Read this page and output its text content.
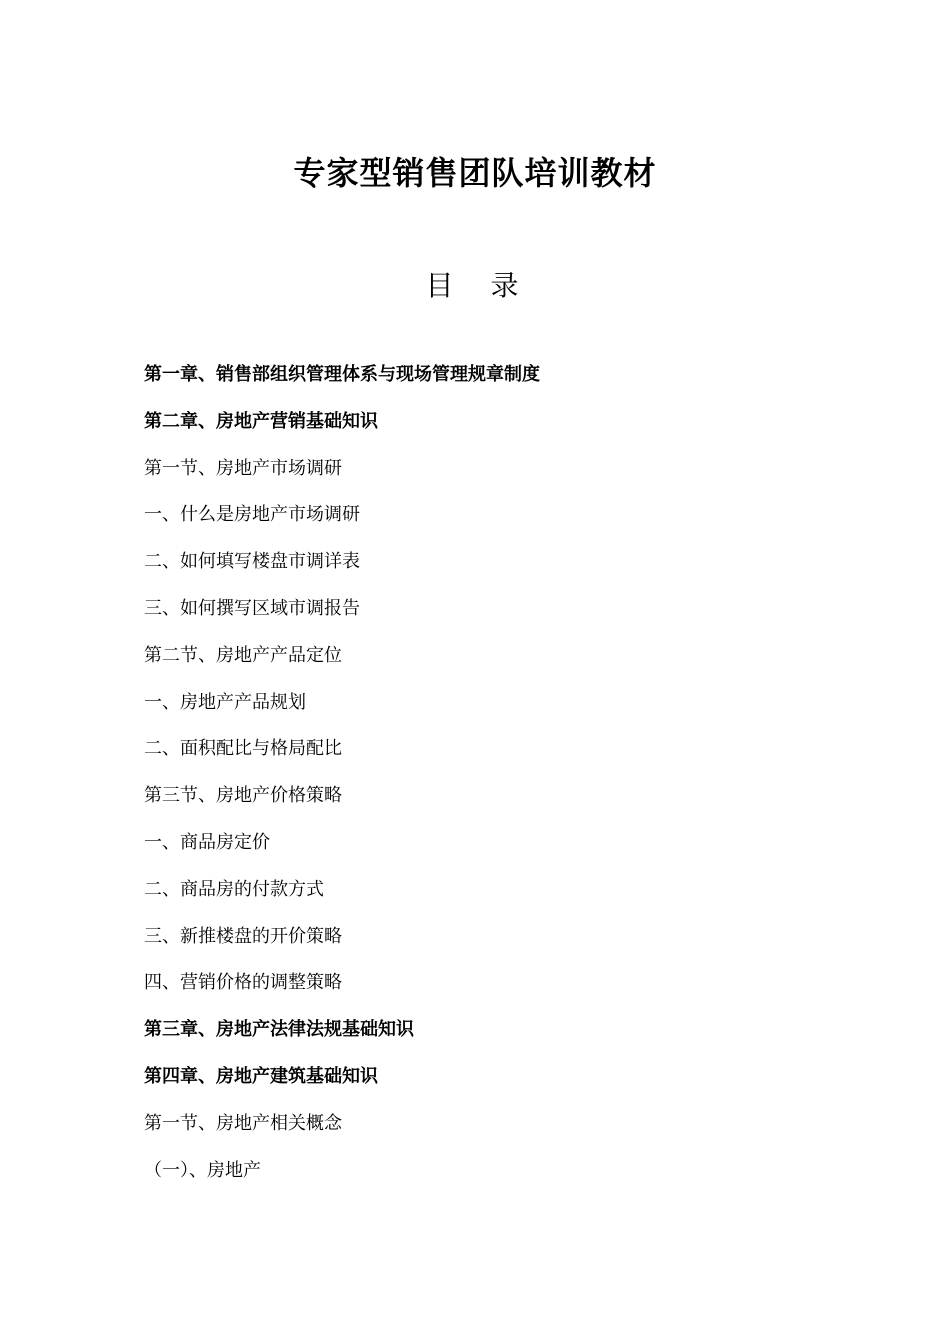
专家型销售团队培训教材
目 录
第一章、销售部组织管理体系与现场管理规章制度
第二章、房地产营销基础知识
第一节、房地产市场调研
一、什么是房地产市场调研
二、如何填写楼盘市调详表
三、如何撰写区域市调报告
第二节、房地产产品定位
一、房地产产品规划
二、面积配比与格局配比
第三节、房地产价格策略
一、商品房定价
二、商品房的付款方式
三、新推楼盘的开价策略
四、营销价格的调整策略
第三章、房地产法律法规基础知识
第四章、房地产建筑基础知识
第一节、房地产相关概念
（一）、房地产
